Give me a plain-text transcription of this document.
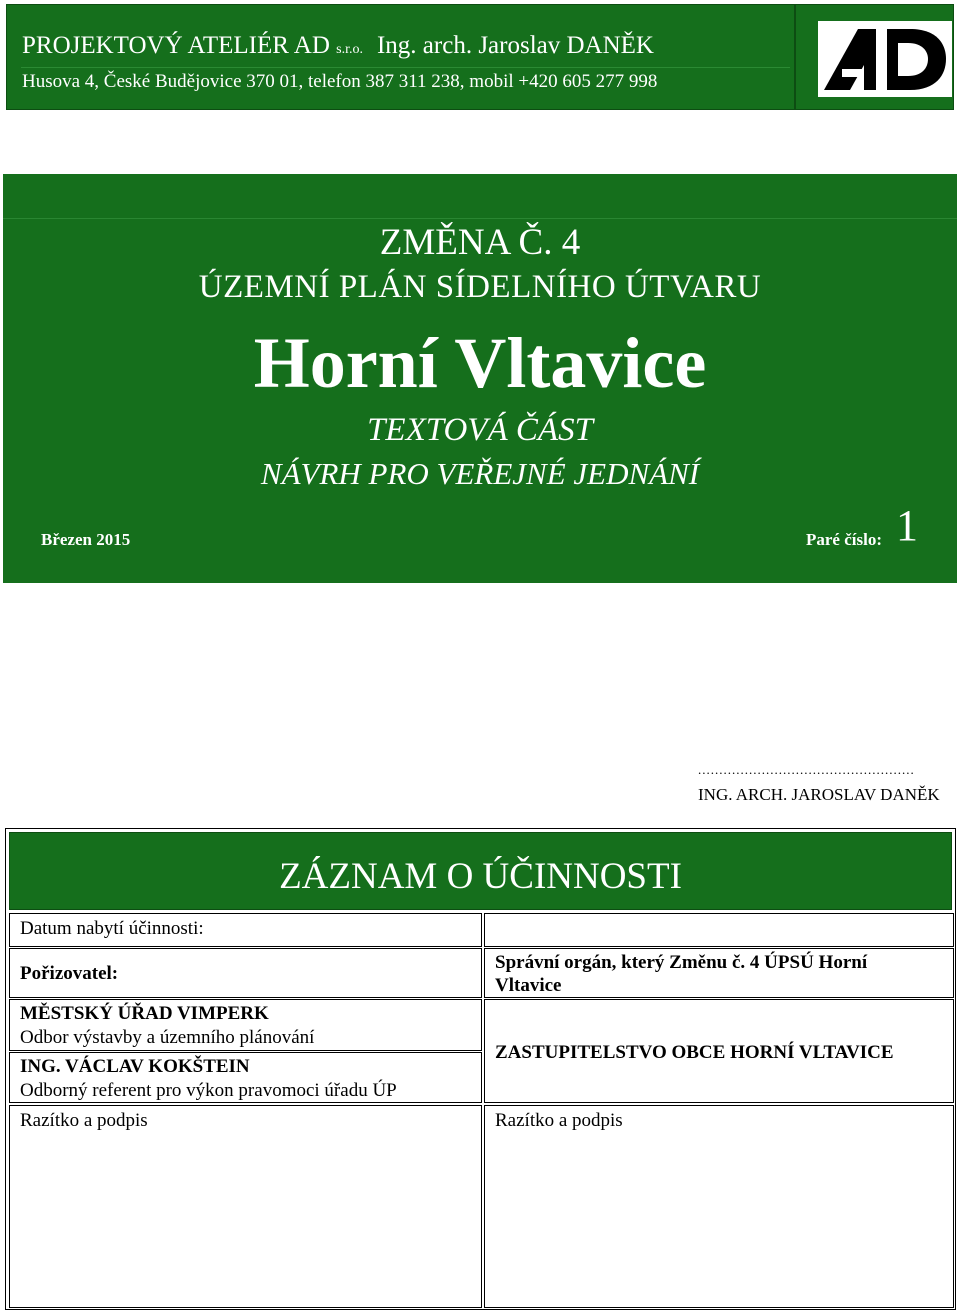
PROJEKTOVÝ ATELIÉR AD s.r.o. Ing. arch. Jaroslav DANĚK
Husova 4, České Budějovice 370 01, telefon 387 311 238, mobil +420 605 277 998
ZMĚNA Č. 4
ÚZEMNÍ PLÁN SÍDELNÍHO ÚTVARU
Horní Vltavice
TEXTOVÁ ČÁST
NÁVRH PRO VEŘEJNÉ JEDNÁNÍ
Březen 2015	Paré číslo: 1
...................................................
ING. ARCH. JAROSLAV DANĚK
ZÁZNAM O ÚČINNOSTI
Datum nabytí účinnosti:
Pořizovatel:
Správní orgán, který Změnu č. 4 ÚPSÚ Horní
Vltavice
MĚSTSKÝ ÚŘAD VIMPERK
Odbor výstavby a územního plánování
ZASTUPITELSTVO OBCE HORNÍ VLTAVICE
ING. VÁCLAV KOKŠTEIN
Odborný referent pro výkon pravomoci úřadu ÚP
Razítko a podpis	Razítko a podpis
